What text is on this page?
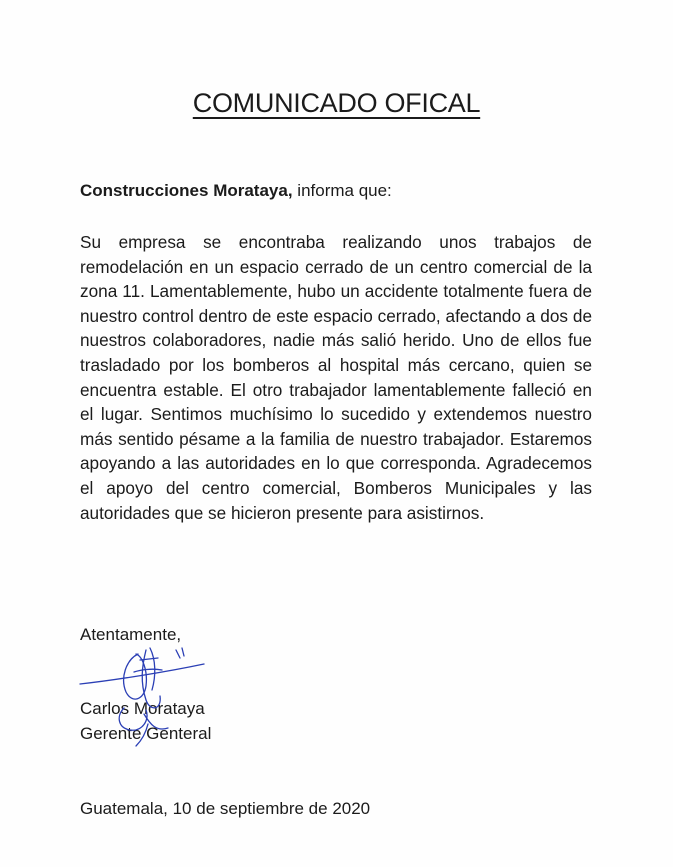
COMUNICADO OFICAL
Construcciones Morataya, informa que:
Su empresa se encontraba realizando unos trabajos de remodelación en un espacio cerrado de un centro comercial de la zona 11. Lamentablemente, hubo un accidente totalmente fuera de nuestro control dentro de este espacio cerrado, afectando a dos de nuestros colaboradores, nadie más salió herido. Uno de ellos fue trasladado por los bomberos al hospital más cercano, quien se encuentra estable. El otro trabajador lamentablemente falleció en el lugar. Sentimos muchísimo lo sucedido y extendemos nuestro más sentido pésame a la familia de nuestro trabajador. Estaremos apoyando a las autoridades en lo que corresponda. Agradecemos el apoyo del centro comercial, Bomberos Municipales y las autoridades que se hicieron presente para asistirnos.
Atentamente,
Carlos Morataya
Gerente Genteral
Guatemala, 10 de septiembre de 2020
